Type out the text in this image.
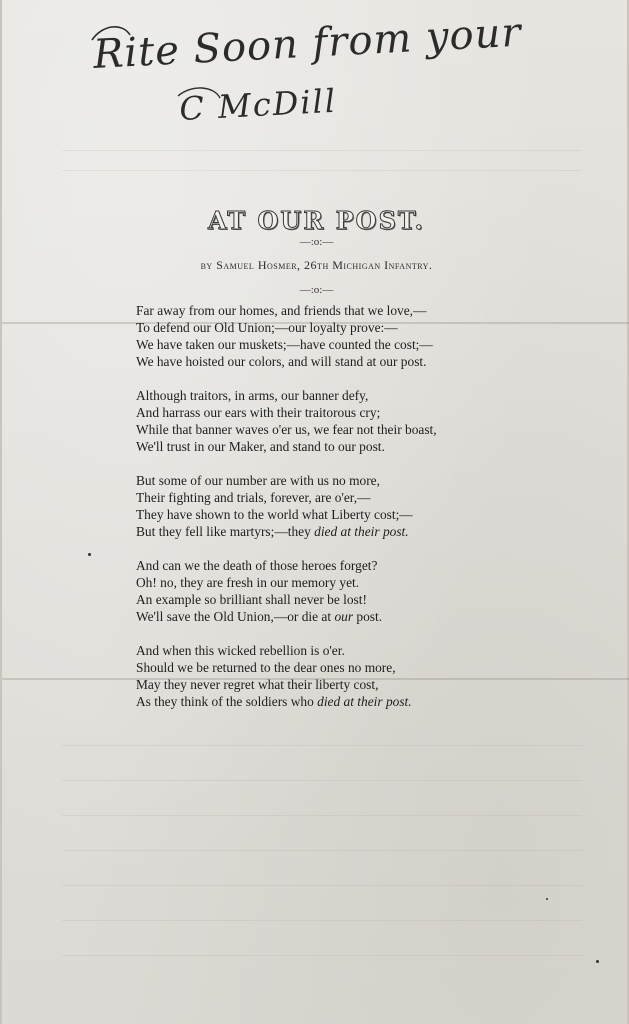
Rite Soon from your
C McDill
AT OUR POST.
—:o:—
by Samuel Hosmer, 26th Michigan Infantry.
—:o:—
Far away from our homes, and friends that we love,—
To defend our Old Union;—our loyalty prove:—
We have taken our muskets;—have counted the cost;—
We have hoisted our colors, and will stand at our post.
Although traitors, in arms, our banner defy,
And harrass our ears with their traitorous cry;
While that banner waves o'er us, we fear not their boast,
We'll trust in our Maker, and stand to our post.
But some of our number are with us no more,
Their fighting and trials, forever, are o'er,—
They have shown to the world what Liberty cost;—
But they fell like martyrs;—they died at their post.
And can we the death of those heroes forget?
Oh! no, they are fresh in our memory yet.
An example so brilliant shall never be lost!
We'll save the Old Union,—or die at our post.
And when this wicked rebellion is o'er.
Should we be returned to the dear ones no more,
May they never regret what their liberty cost,
As they think of the soldiers who died at their post.
